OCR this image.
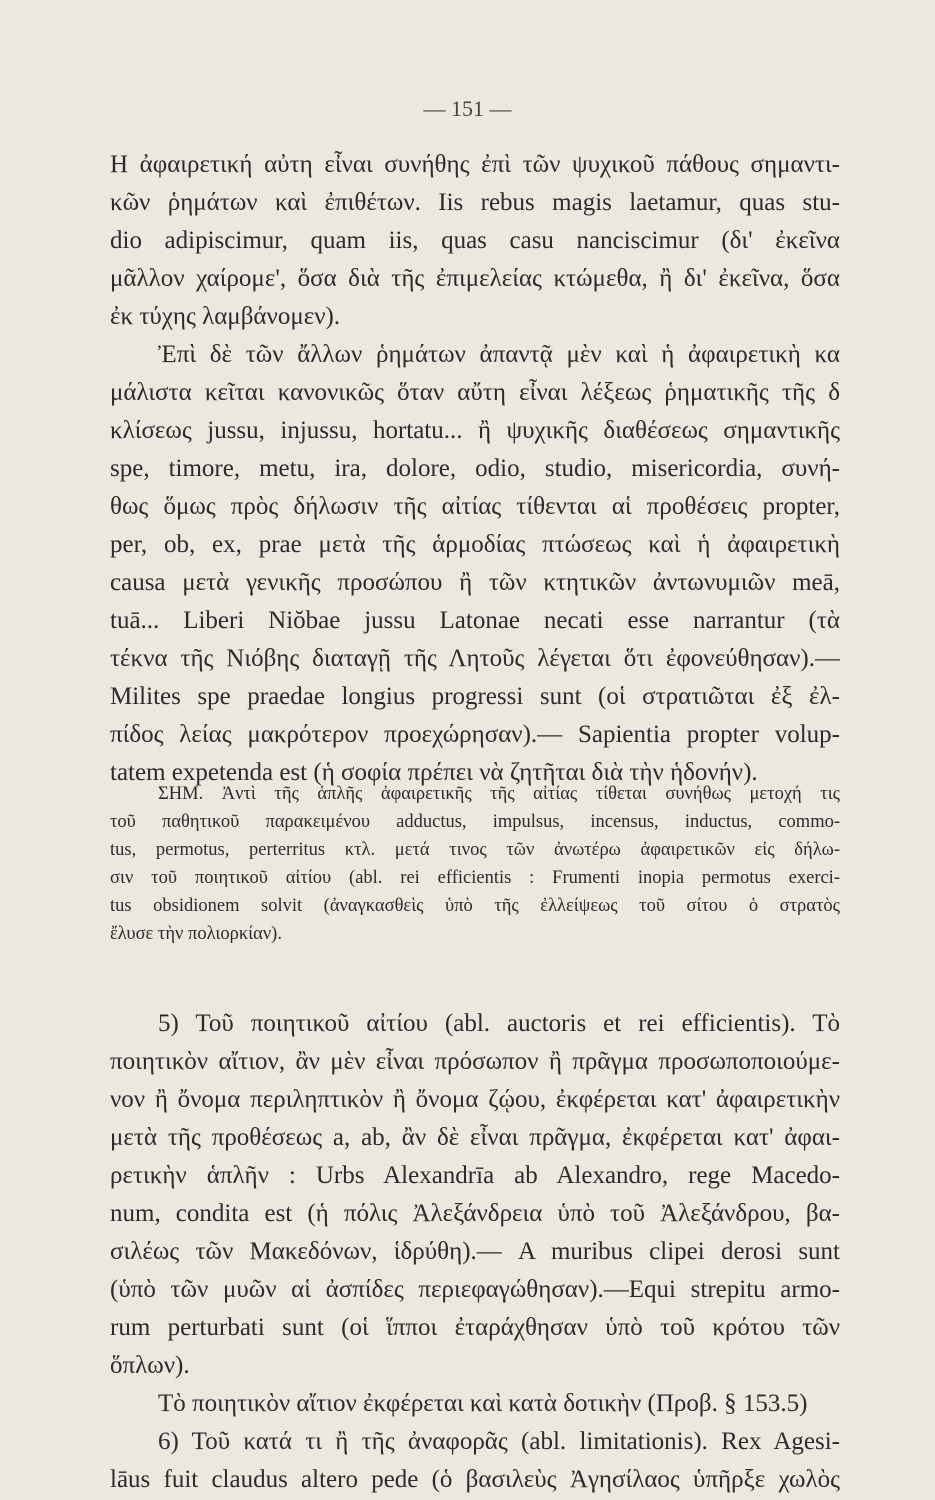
— 151 —
Η ἀφαιρετική αὐτη εἶναι συνήθης ἐπὶ τῶν ψυχικοῦ πάθους σημαντι-
κῶν ῥημάτων καὶ ἐπιθέτων. Iis rebus magis laetamur, quas stu-
dio adipiscimur, quam iis, quas casu nanciscimur (δι' ἐκεῖνα
μᾶλλον χαίρομε', ὅσα διὰ τῆς ἐπιμελείας κτώμεθα, ἢ δι' ἐκεῖνα, ὅσα
ἐκ τύχης λαμβάνομεν).
Ἐπὶ δὲ τῶν ἄλλων ῥημάτων ἀπαντᾷ μὲν καὶ ἡ ἀφαιρετικὴ κα
μάλιστα κεῖται κανονικῶς ὅταν αὔτη εἶναι λέξεως ῥηματικῆς τῆς δ
κλίσεως jussu, injussu, hortatu... ἢ ψυχικῆς διαθέσεως σημαντικῆς
spe, timore, metu, ira, dolore, odio, studio, misericordia, συνή-
θως ὅμως πρὸς δήλωσιν τῆς αἰτίας τίθενται αἱ προθέσεις propter,
per, ob, ex, prae μετὰ τῆς ἁρμοδίας πτώσεως καὶ ἡ ἀφαιρετικὴ
causa μετὰ γενικῆς προσώπου ἢ τῶν κτητικῶν ἀντωνυμιῶν meā,
tuā... Liberi Niŏbae jussu Latonae necati esse narrantur (τὰ
τέκνα τῆς Νιόβης διαταγῇ τῆς Λητοῦς λέγεται ὅτι ἐφονεύθησαν).—
Milites spe praedae longius progressi sunt (οἱ στρατιῶται ἐξ ἐλ-
πίδος λείας μακρότερον προεχώρησαν).— Sapientia propter volup-
tatem expetenda est (ἡ σοφία πρέπει νὰ ζητῆται διὰ τὴν ἡδονήν).
ΣΗΜ. Ἀντὶ τῆς ἁπλῆς ἀφαιρετικῆς τῆς αἰτίας τίθεται συνήθως μετοχή τις
τοῦ παθητικοῦ παρακειμένου adductus, impulsus, incensus, inductus, commo-
tus, permotus, perterritus κτλ. μετά τινος τῶν ἀνωτέρω ἀφαιρετικῶν εἰς δήλω-
σιν τοῦ ποιητικοῦ αἰτίου (abl. rei efficientis : Frumenti inopia permotus exerci-
tus obsidionem solvit (ἀναγκασθεὶς ὑπὸ τῆς ἐλλείψεως τοῦ σίτου ὁ στρατὸς
ἔλυσε τὴν πολιορκίαν).
5) Τοῦ ποιητικοῦ αἰτίου (abl. auctoris et rei efficientis). Τὸ
ποιητικὸν αἴτιον, ἂν μὲν εἶναι πρόσωπον ἢ πρᾶγμα προσωποποιούμε-
νον ἢ ὄνομα περιληπτικὸν ἢ ὄνομα ζῴου, ἐκφέρεται κατ' ἀφαιρετικὴν
μετὰ τῆς προθέσεως a, ab, ἂν δὲ εἶναι πρᾶγμα, ἐκφέρεται κατ' ἀφαι-
ρετικὴν ἁπλῆν : Urbs Alexandrīa ab Alexandro, rege Macedo-
num, condita est (ἡ πόλις Ἀλεξάνδρεια ὑπὸ τοῦ Ἀλεξάνδρου, βα-
σιλέως τῶν Μακεδόνων, ἱδρύθη).— A muribus clipei derosi sunt
(ὑπὸ τῶν μυῶν αἱ ἀσπίδες περιεφαγώθησαν).—Equi strepitu armo-
rum perturbati sunt (οἱ ἵπποι ἐταράχθησαν ὑπὸ τοῦ κρότου τῶν
ὅπλων).
Τὸ ποιητικὸν αἴτιον ἐκφέρεται καὶ κατὰ δοτικὴν (Προβ. § 153.5)
6) Τοῦ κατά τι ἢ τῆς ἀναφορᾶς (abl. limitationis). Rex Agesi-
lāus fuit claudus altero pede (ὁ βασιλεὺς Ἀγησίλαος ὑπῆρξε χωλὸς
